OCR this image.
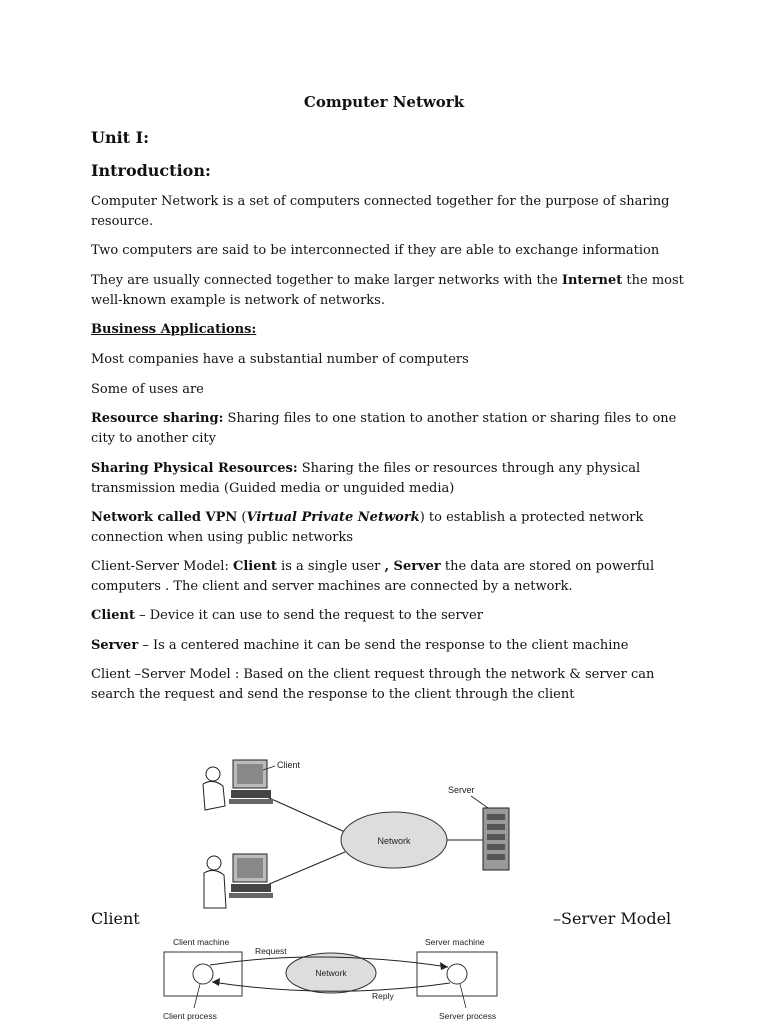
Computer Network
Unit I:
Introduction:
Computer Network is a set of computers connected together for the purpose of sharing resource.
Two computers are said to be interconnected if they are able to exchange information
They are usually connected together to make larger networks with the Internet the most well-known example is network of networks.
Business Applications:
Most companies have a substantial number of computers
Some of uses are
Resource sharing: Sharing files to one station to another station or sharing files to one city to another city
Sharing Physical Resources: Sharing the files or resources through any physical transmission media (Guided media or unguided media)
Network called VPN (Virtual Private Network) to establish a protected network connection when using public networks
Client-Server Model: Client is a single user , Server the data are stored on powerful computers . The client and server machines are connected by a network.
Client – Device it can use to send the request to the server
Server – Is a centered machine it can be send the response to the client machine
Client –Server Model : Based on the client request through the network & server can search the request and send the response to the client through the client
Network
Client
Server
Client	–Server Model
Client machine	Server machine
Network
Request
Reply
Client process	Server process
